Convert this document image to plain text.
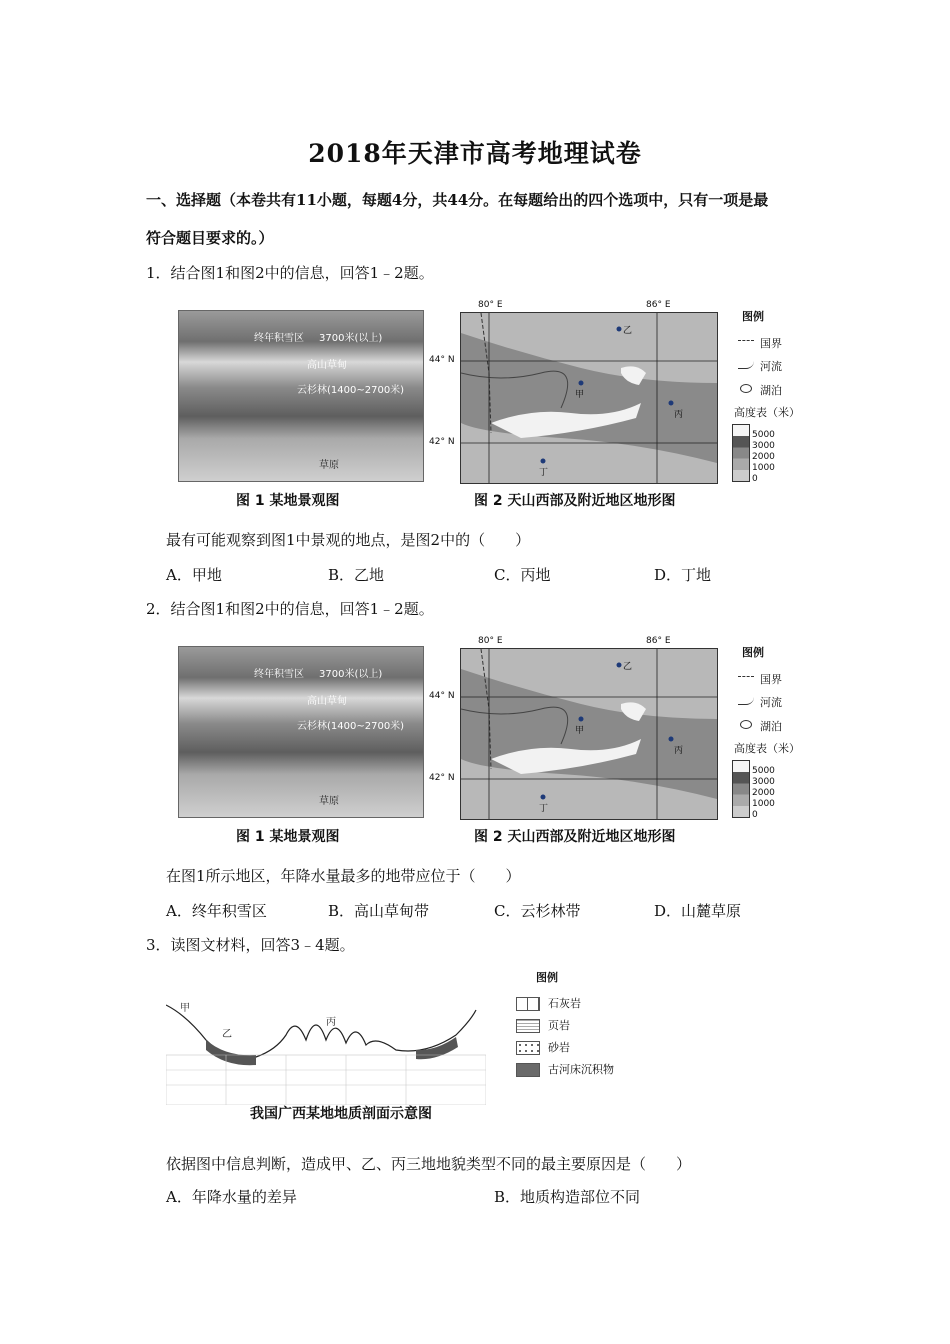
2018年天津市高考地理试卷
一、选择题（本卷共有11小题，每题4分，共44分。在每题给出的四个选项中，只有一项是最
符合题目要求的。）
1．结合图1和图2中的信息，回答1﹣2题。
终年积雪区 3700米(以上)
高山草甸
云杉林(1400~2700米)
草原
图 1 某地景观图
乙
甲
丙
丁
80° E	86° E
44° N
42° N
图例
国界
河流
湖泊
高度表（米）
5000
3000
2000
1000
0
图 2 天山西部及附近地区地形图
最有可能观察到图1中景观的地点，是图2中的（　　）
A．甲地	B．乙地	C．丙地	D．丁地
2．结合图1和图2中的信息，回答1﹣2题。
终年积雪区 3700米(以上)
高山草甸
云杉林(1400~2700米)
草原
图 1 某地景观图
乙
甲
丙
丁
80° E	86° E
44° N
42° N
图例
国界
河流
湖泊
高度表（米）
5000
3000
2000
1000
0
图 2 天山西部及附近地区地形图
在图1所示地区，年降水量最多的地带应位于（　　）
A．终年积雪区	B．高山草甸带	C．云杉林带	D．山麓草原
3．读图文材料，回答3﹣4题。
甲
乙
丙
图例
石灰岩
页岩
砂岩
古河床沉积物
我国广西某地地质剖面示意图
依据图中信息判断，造成甲、乙、丙三地地貌类型不同的最主要原因是（　　）
A．年降水量的差异	B．地质构造部位不同
